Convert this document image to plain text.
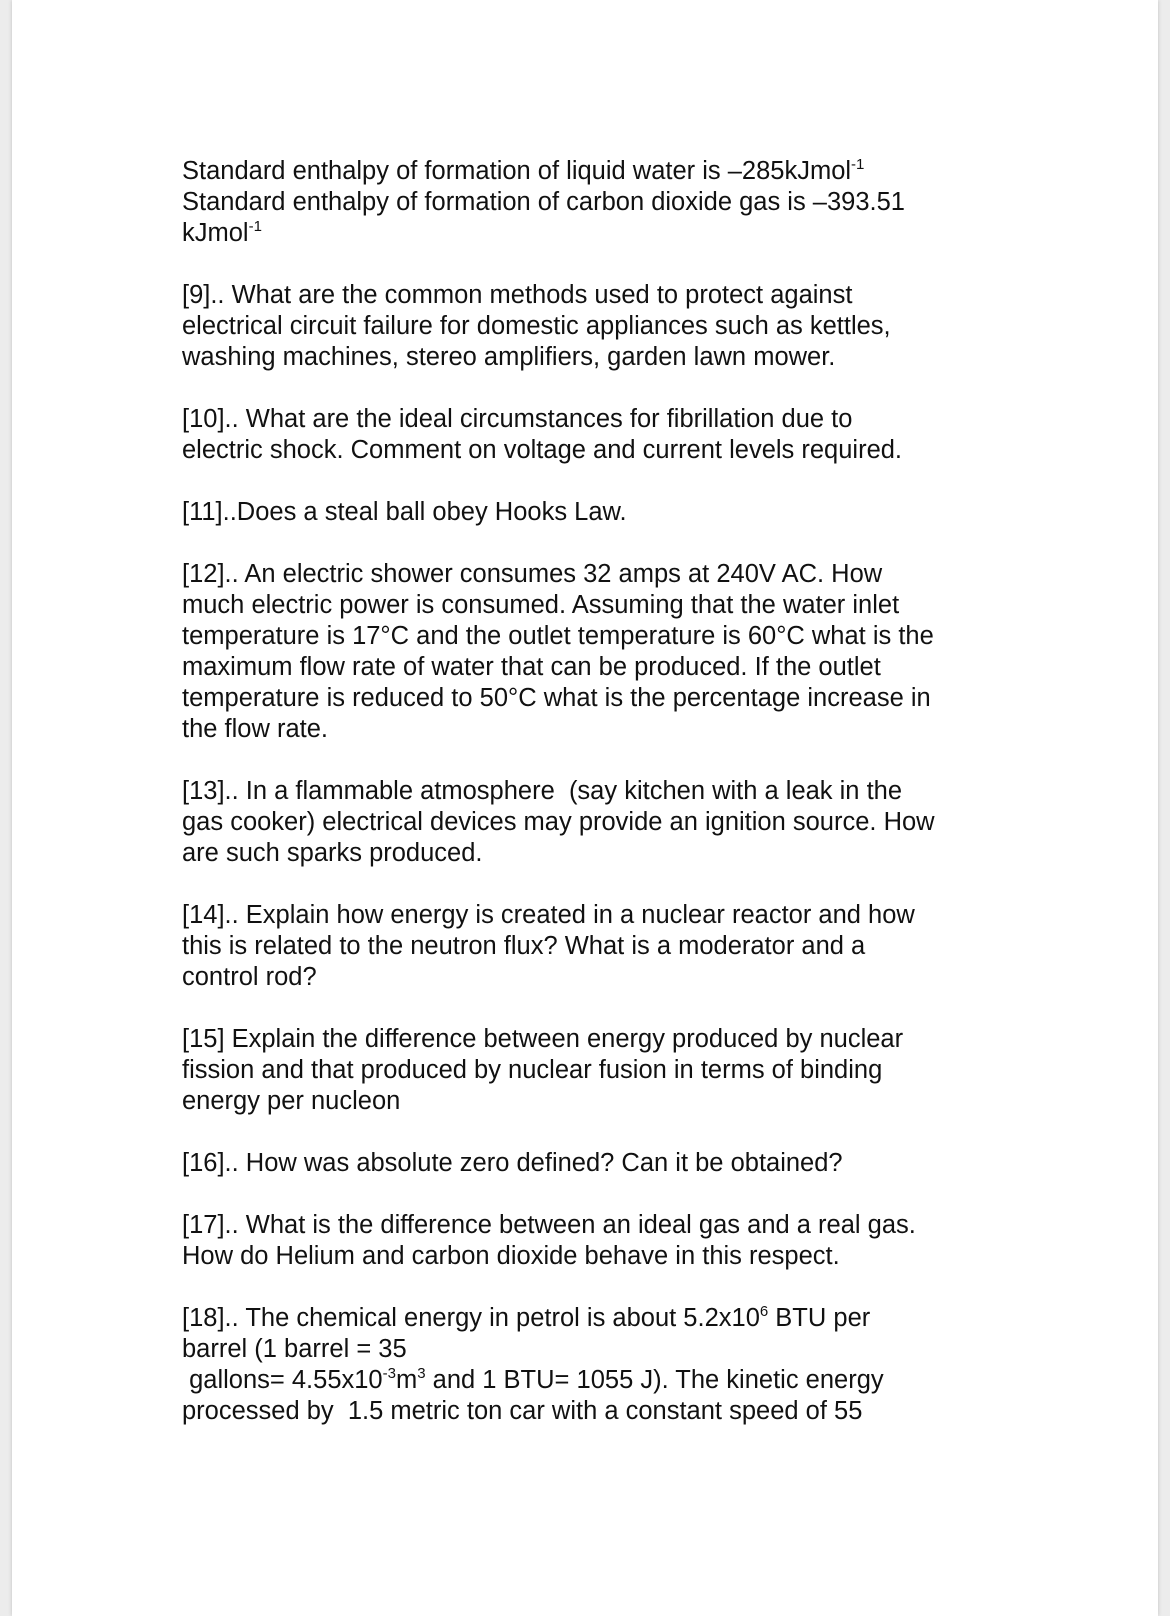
Standard enthalpy of formation of liquid water is –285kJmol$^{-1}$
Standard enthalpy of formation of carbon dioxide gas is –393.51
kJmol$^{-1}$
[9].. What are the common methods used to protect against
electrical circuit failure for domestic appliances such as kettles,
washing machines, stereo amplifiers, garden lawn mower.
[10].. What are the ideal circumstances for fibrillation due to
electric shock. Comment on voltage and current levels required.
[11]..Does a steal ball obey Hooks Law.
[12].. An electric shower consumes 32 amps at 240V AC. How
much electric power is consumed. Assuming that the water inlet
temperature is 17°C and the outlet temperature is 60°C what is the
maximum flow rate of water that can be produced. If the outlet
temperature is reduced to 50°C what is the percentage increase in
the flow rate.
[13].. In a flammable atmosphere  (say kitchen with a leak in the
gas cooker) electrical devices may provide an ignition source. How
are such sparks produced.
[14].. Explain how energy is created in a nuclear reactor and how
this is related to the neutron flux? What is a moderator and a
control rod?
[15] Explain the difference between energy produced by nuclear
fission and that produced by nuclear fusion in terms of binding
energy per nucleon
[16].. How was absolute zero defined? Can it be obtained?
[17].. What is the difference between an ideal gas and a real gas.
How do Helium and carbon dioxide behave in this respect.
[18].. The chemical energy in petrol is about $5.2x10^6$ BTU per
barrel (1 barrel = 35
gallons= $4.55x10^{-3}m^3$ and 1 BTU= 1055 J). The kinetic energy
processed by  1.5 metric ton car with a constant speed of 55
